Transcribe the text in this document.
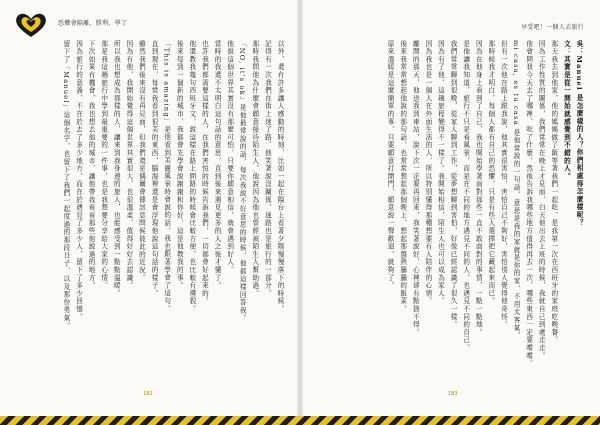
恐懼會隔離、勝利、學了
享受吧！一個人去旅行
以外，還有許多讓人感動的時刻，比如一起在陽台上看著夕陽慢慢落下的時候。
記得有一次我們在街上迷了路，他笑著說沒關係，迷路也是旅行的一部分。
那時我問他為什麼會願意接待陌生人，他說因為他也曾經被陌生人幫助過。
「NO, it's ok」是他最常說的話，每次我說不好意思的時候，他都這樣回答我。
他說這個世界其實沒有那麼可怕，只要你願意相信，就會遇到好人。
當時的我還不太明白這句話的意思，直到後來遇見更多的人之後才懂了。
也許我們都需要這樣的人，在我們害怕的時候告訴我們，一切都會好起來的。
他還教我幾句西班牙文，說這樣在路上問路的時候會比較方便，也比較有禮貌。
後來每到一個新的城市，我都會先學會說謝謝和你好，這是他教我的事。
「This is amazing」是他看到美麗風景時會說的話，我也跟著學會了這句。
直到現在，每當我看到很美的東西，腦海裡還是會浮現他說這句話的樣子。
雖然我們後來沒有再見面，但我們還是偶爾會傳訊息問候彼此的近況。
因為有他，我開始覺得這個世界其實很大，也很溫柔，值得好好去認識。
所以我也想成為那樣的人，讓來到我身邊的旅人，也能感受到一點點溫暖。
那是我這趟旅行中學到最重要的一件事，也是我想要分享給大家的心情。
下次如果有機會，我也想去他的城市，讓他帶我看看那些他說過的地方。
因為旅行的意義，不在於去了多少地方，而在於遇見了多少人，留下了多少回憶。
留下了「Manuel」這個名字，也留下了我們一起度過的那段日子，以及那份勇氣。	吳：Manuel 是怎麼樣的人？你們相處得怎麼樣呢？
文：其實是從一開始就感覺到不錯的人。
那天我去到他家，他的媽媽做了飯等著我們一起吃，是我第一次在西班牙的家庭吃晚餐。
因為工作性質的關係，我們常常在晚上才見面，白天他出去上班的時候，我就自己到處走走。
他會問我今天去了哪裡、吃了什麼，然後告訴我哪些地方值得再去一次，哪些東西一定要嚐嚐。
mi casa, es tu casa 是他常說的一句話，意思是我的家就是你的家，不用太客氣。
但有一次他在路上跟我說，他其實很害怕，害怕自己不夠好，害怕別人覺得他奇怪。
那時候我才明白，每個人都有自己的恐懼，只是有些人選擇把它藏起來而已。
因為在他身上看到了自己，我也開始學著面對那些一直不敢面對的事情，一點一點地。
是他讓我知道，旅行不只是看風景，而是在不同的地方遇見不同的人，也遇見不同的自己。
我們常常聊到很晚，從家人聊到工作，從夢想聊到害怕，好像已經認識了很久一樣。
因為有了他，這趟旅程變得不一樣了。我開始相信，陌生人也可以成為家人。
因為我也是一個人在外面生活的人，所以特別懂得那種想要有人陪伴的心情。
離開的那天，他送我到車站，說下次一定要再回來，我笑著說好，心裡卻有點捨不得。
後來我常常想起他說的那句話，也常常想起那個晚上，想起那盤熱騰騰的飯菜。
原來溫暖是這麼簡單的事，只要願意打開門，願意說一聲歡迎，就夠了。
182	183
